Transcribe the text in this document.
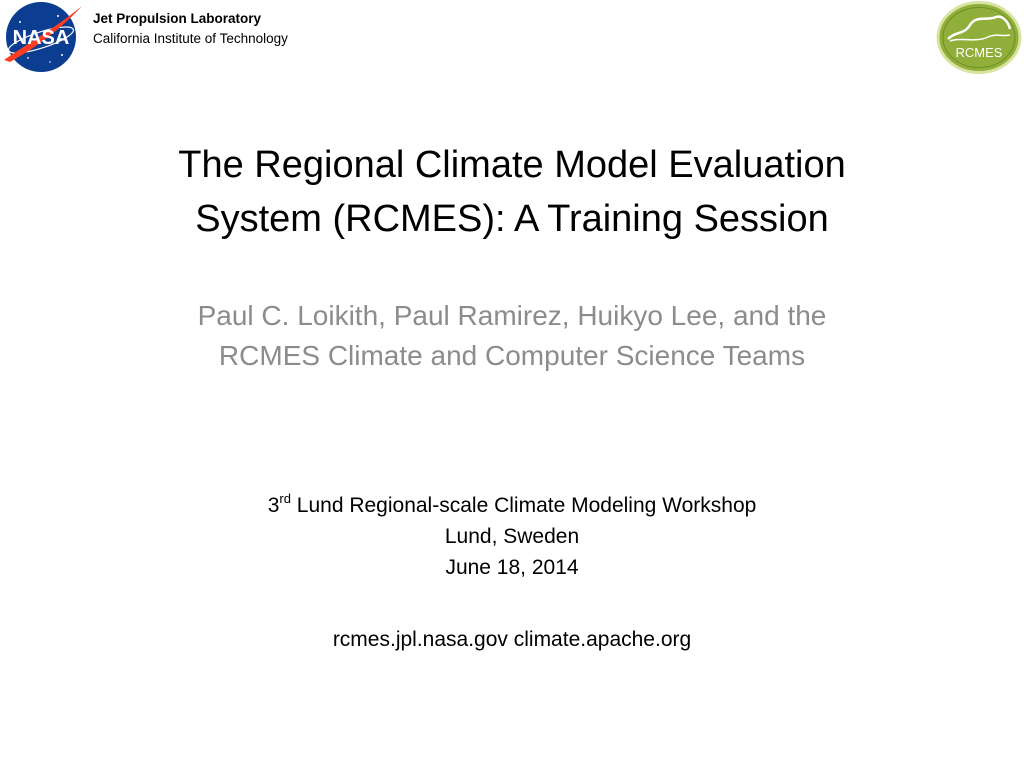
NASA
Jet Propulsion Laboratory
California Institute of Technology
RCMES
The Regional Climate Model Evaluation
System (RCMES): A Training Session
Paul C. Loikith, Paul Ramirez, Huikyo Lee, and the
RCMES Climate and Computer Science Teams
3rd Lund Regional-scale Climate Modeling Workshop
Lund, Sweden
June 18, 2014
rcmes.jpl.nasa.gov climate.apache.org
